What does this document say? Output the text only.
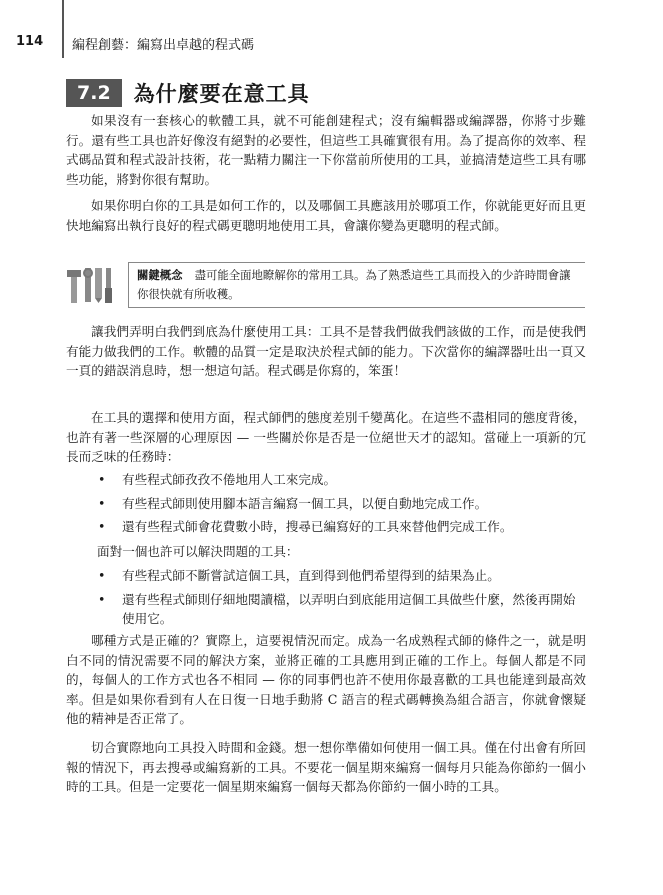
114 編程創藝：編寫出卓越的程式碼
7.2	為什麼要在意工具

如果沒有一套核心的軟體工具，就不可能創建程式；沒有編輯器或編譯器，你將寸步難行。還有些工具也許好像沒有絕對的必要性，但這些工具確實很有用。為了提高你的效率、程式碼品質和程式設計技術，花一點精力關注一下你當前所使用的工具，並搞清楚這些工具有哪些功能，將對你很有幫助。

如果你明白你的工具是如何工作的，以及哪個工具應該用於哪項工作，你就能更好而且更快地編寫出執行良好的程式碼更聰明地使用工具，會讓你變為更聰明的程式師。

關鍵概念 盡可能全面地瞭解你的常用工具。為了熟悉這些工具而投入的少許時間會讓你很快就有所收穫。

讓我們弄明白我們到底為什麼使用工具：工具不是替我們做我們該做的工作，而是使我們有能力做我們的工作。軟體的品質一定是取決於程式師的能力。下次當你的編譯器吐出一頁又一頁的錯誤消息時，想一想這句話。程式碼是你寫的，笨蛋！

在工具的選擇和使用方面，程式師們的態度差別千變萬化。在這些不盡相同的態度背後，也許有著一些深層的心理原因 — 一些關於你是否是一位絕世天才的認知。當碰上一項新的冗長而乏味的任務時：

• 有些程式師孜孜不倦地用人工來完成。
• 有些程式師則使用腳本語言編寫一個工具，以便自動地完成工作。
• 還有些程式師會花費數小時，搜尋已編寫好的工具來替他們完成工作。

面對一個也許可以解決問題的工具：

• 有些程式師不斷嘗試這個工具，直到得到他們希望得到的結果為止。
• 還有些程式師則仔細地閱讀檔，以弄明白到底能用這個工具做些什麼，然後再開始使用它。

哪種方式是正確的？實際上，這要視情況而定。成為一名成熟程式師的條件之一，就是明白不同的情況需要不同的解決方案，並將正確的工具應用到正確的工作上。每個人都是不同的，每個人的工作方式也各不相同 — 你的同事們也許不使用你最喜歡的工具也能達到最高效率。但是如果你看到有人在日復一日地手動將 C 語言的程式碼轉換為組合語言，你就會懷疑他的精神是否正常了。

切合實際地向工具投入時間和金錢。想一想你準備如何使用一個工具。僅在付出會有所回報的情況下，再去搜尋或編寫新的工具。不要花一個星期來編寫一個每月只能為你節約一個小時的工具。但是一定要花一個星期來編寫一個每天都為你節約一個小時的工具。
